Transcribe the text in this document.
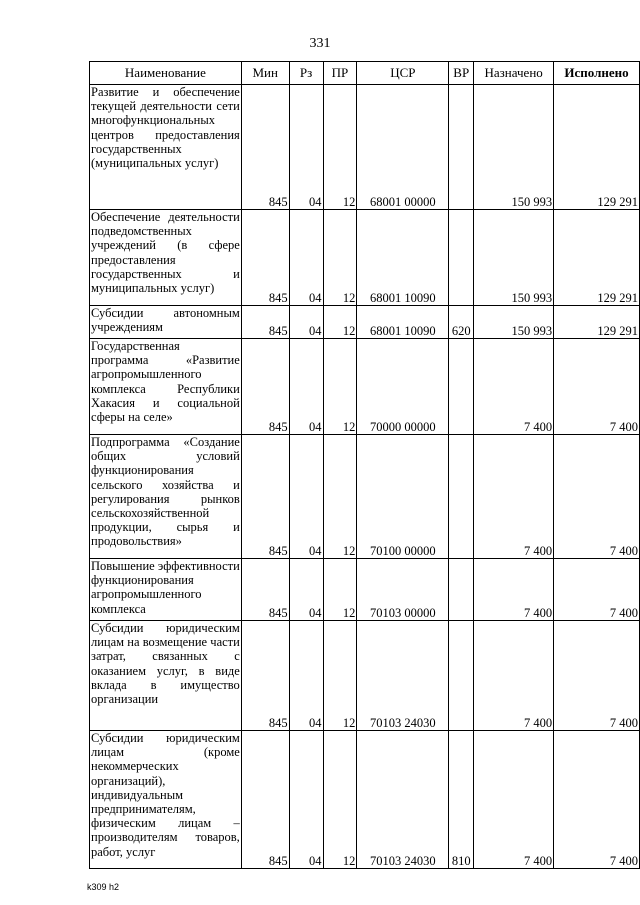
331
Наименование	Мин	Рз	ПР	ЦСР	ВР	Назначено	Исполнено
Развитие и обеспечение текущей деятельности сети многофункциональных центров предоставления государственных (муниципальных услуг)	845	04	12	68001 00000		150 993	129 291
Обеспечение деятельности подведомственных учреждений (в сфере предоставления государственных и муниципальных услуг)	845	04	12	68001 10090		150 993	129 291
Субсидии автономным учреждениям	845	04	12	68001 10090	620	150 993	129 291
Государственная программа «Развитие агропромышленного комплекса Республики Хакасия и социальной сферы на селе»	845	04	12	70000 00000		7 400	7 400
Подпрограмма «Создание общих условий функционирования сельского хозяйства и регулирования рынков сельскохозяйственной продукции, сырья и продовольствия»	845	04	12	70100 00000		7 400	7 400
Повышение эффективности функционирования агропромышленного комплекса	845	04	12	70103 00000		7 400	7 400
Субсидии юридическим лицам на возмещение части затрат, связанных с оказанием услуг, в виде вклада в имущество организации	845	04	12	70103 24030		7 400	7 400
Субсидии юридическим лицам (кроме некоммерческих организаций), индивидуальным предпринимателям, физическим лицам – производителям товаров, работ, услуг	845	04	12	70103 24030	810	7 400	7 400
k309 h2
